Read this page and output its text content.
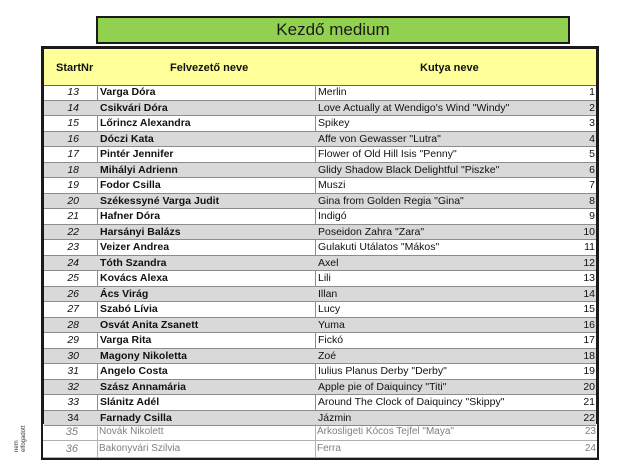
Kezdő medium
StartNr	Felvezető neve	Kutya neve
13 Varga Dóra	Merlin	1
14 Csikvári Dóra	Love Actually at Wendigo's Wind "Windy"	2
15 Lőrincz Alexandra	Spikey	3
16 Dóczi Kata	Affe von Gewasser "Lutra"	4
17 Pintér Jennifer	Flower of Old Hill Isis "Penny"	5
18 Mihályi Adrienn	Glidy Shadow Black Delightful "Piszke"	6
19 Fodor Csilla	Muszi	7
20 Székessyné Varga Judit	Gina from Golden Regia "Gina"	8
21 Hafner Dóra	Indigó	9
22 Harsányi Balázs	Poseidon Zahra "Zara"	10
23 Veizer Andrea	Gulakuti Utálatos "Mákos"	11
24 Tóth Szandra	Axel	12
25 Kovács Alexa	Lili	13
26 Ács Virág	Illan	14
27 Szabó Lívia	Lucy	15
28 Osvát Anita Zsanett	Yuma	16
29 Varga Rita	Fickó	17
30 Magony Nikoletta	Zoé	18
31 Angelo Costa	Iulius Planus Derby "Derby"	19
32 Szász Annamária	Apple pie of Daiquincy "Titi"	20
33 Slánitz Adél	Around The Clock of Daiquincy "Skippy"	21
34 Farnady Csilla	Jázmin	22
35 Novák Nikolett	Árkosligeti Kócos Tejfel "Maya"	23
36 Bakonyvári Szilvia	Ferra	24
nem elfogadott
